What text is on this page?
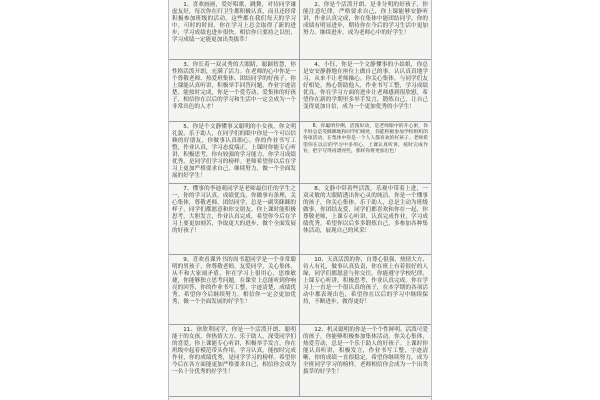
1、喜欢画画，爱好唱歌，跳舞，对待同学谦虚友好，每次你在归卫生都积极认真，而且还经常积极参加班级的活动，这些都在我们每天的学习中，可时的时间，你在学习上总会取得了新的进步，学习成绩也进步很快。相信你只要持之以恒，学习成绩一定能更加出类拔萃！
2、你是个活泼开朗、是非分明的好孩子，你能注意纪律，严格要求自己，你上课能够安静听讲，作业认真完成，你在集体中能团结同学，你的成绩有明显进步，期待你在今后的学习生活中更加努力、继续进步，成为老师心中的好学生！
3、你长着一双灵秀的大眼睛，聪颖智慧，你性格活泼开朗，充满了活力。在老师的心中你是一个尊敬老师、热爱班集体、团结同学的好孩子。你上课能认真听讲，积极举手回答问题，作业字迹清楚、能按时完成，你是一个爱劳动、爱集体的好孩子，相信你在以后的学习和生活中一定会成为一个非常出色的人才！
4、小钰，你是一个文静懂事的小姑娘，你总是安安静静地在座位上做自己的事，认认真真地学习，从来不让老师操心。你关心集体，与同学们友好相处，热心帮助他人，作业书写工整，学习成绩优良，你在学习方面的进步让老师感到很欣慰，希望你在新的学期里多举手发言，锻炼自己，让自己变得更加自信，成为一个更加优秀的小学生！
5、你是个文静懂事又聪明的小女孩，你文明礼貌，乐于助人，在同学们的眼中你是一个可以信赖的好朋友，你做事认真细心，你的作业书写工整，作业认真，学习态度端正，上课时你能专心听讲，积极思考，你有较强的学习能力，你学习成绩优秀，是同学们学习的榜样。老师希望你以后在学习上更加严格要求自己，继续努力，做一个全面发展的好学生！
6、你聪明伶俐，活泼好动，是老师眼中的开心果，你平时总是笑眯眯地和同学们相处，你能积极参加学校组织的各项活动，在集体中你是一个人人都喜欢的好孩子。老师希望你在以后的学习中多用心，上课认真听讲，按时完成作业，把字写得再漂亮些，那样你将更加出色！
7、懂事的李迪萌同学是老师最信任的学生之一，你的学习认真，成绩优良，你做事有条理，关心集体，尊敬老师，团结同学，总是一副笑眯眯的样子，同学们都愿意和你交朋友。你上课时能积极思考，大胆发言，作业认真完成。希望你今后在学习上要更加刻苦，争取更大的进步，做个全面发展的好孩子！
8、文静中带着些活泼，乐观中带着上进，一双灵敏的大眼睛透出你心灵的纯洁。你是一个懂事的孩子，你关心集体，乐于助人，总是主动为班级做事，你团结友爱，同学们都喜欢和你在一起，你尊敬老师，上课专心听讲，认真完成作业，学习成绩优秀。希望你以后多多锻炼自己，多参加各种集体活动，展现自己的风采！
9、喜欢看课外书的周书超同学是一个非常聪明的男孩子，你尊敬老师，友爱同学，关心集体，从不和大家闹矛盾，你在学习上很用心，思维敏捷，你能够独立思考问题，在课堂上总能听到你响亮的回答，你的作业书写工整，字迹清楚，成绩优秀。希望你今后继续努力，相信你一定会更加优秀，做一个全面发展的好学生！
10、天真活泼的你，自尊心很强，热情大方、待人有礼，做事认真负责，你在班上有着很好的人缘，同学们都愿意与你交往。你能遵守学校纪律，上课专心听讲，积极思考，作业认真完成。你在学习上一直是一个很认真的孩子，在本学期的各项活动中都表现出色，希望你在以后的学习中继续保持，不断进步，做得更好！
11、徐欣利同学，你是一个活泼开朗、聪明能干的女孩，你热情大方、乐于助人，深受同学们的喜爱。你上课能专心听讲，积极举手发言，你在班级中起着模范带头作用，学习认真，能按时完成作业，你的成绩优秀，是同学学习的榜样。希望你今后在各方面能更加严格要求自己，相信你会成为一名十分优秀的好学生！
12、机灵聪明的你是一个个性鲜明、活泼可爱的孩子，你能够积极参加集体活动，你关心集体，热爱劳动，总是一个乐于助人的好孩子。上课时你能认真听讲，积极发言，作业书写工整，字迹清晰，你的成绩一直很稳定，希望你继续努力，成为全班同学学习的榜样，老师相信你会成为一个出类拔萃的好学生！
